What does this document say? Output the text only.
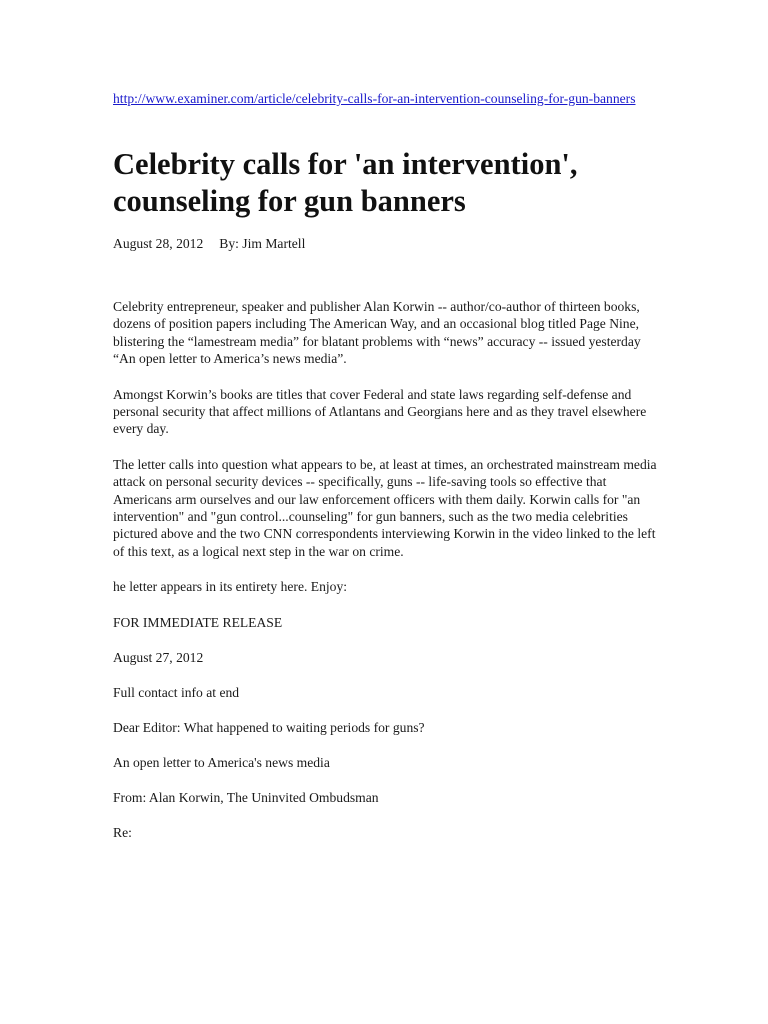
http://www.examiner.com/article/celebrity-calls-for-an-intervention-counseling-for-gun-banners
Celebrity calls for 'an intervention', counseling for gun banners

August 28, 2012 By: Jim Martell

Celebrity entrepreneur, speaker and publisher Alan Korwin -- author/co-author of thirteen books, dozens of position papers including The American Way, and an occasional blog titled Page Nine, blistering the “lamestream media” for blatant problems with “news” accuracy -- issued yesterday “An open letter to America’s news media”.

Amongst Korwin’s books are titles that cover Federal and state laws regarding self-defense and personal security that affect millions of Atlantans and Georgians here and as they travel elsewhere every day.

The letter calls into question what appears to be, at least at times, an orchestrated mainstream media attack on personal security devices -- specifically, guns -- life-saving tools so effective that Americans arm ourselves and our law enforcement officers with them daily. Korwin calls for "an intervention" and "gun control...counseling" for gun banners, such as the two media celebrities pictured above and the two CNN correspondents interviewing Korwin in the video linked to the left of this text, as a logical next step in the war on crime.

he letter appears in its entirety here. Enjoy:

FOR IMMEDIATE RELEASE

August 27, 2012

Full contact info at end

Dear Editor: What happened to waiting periods for guns?

An open letter to America's news media

From: Alan Korwin, The Uninvited Ombudsman

Re:
